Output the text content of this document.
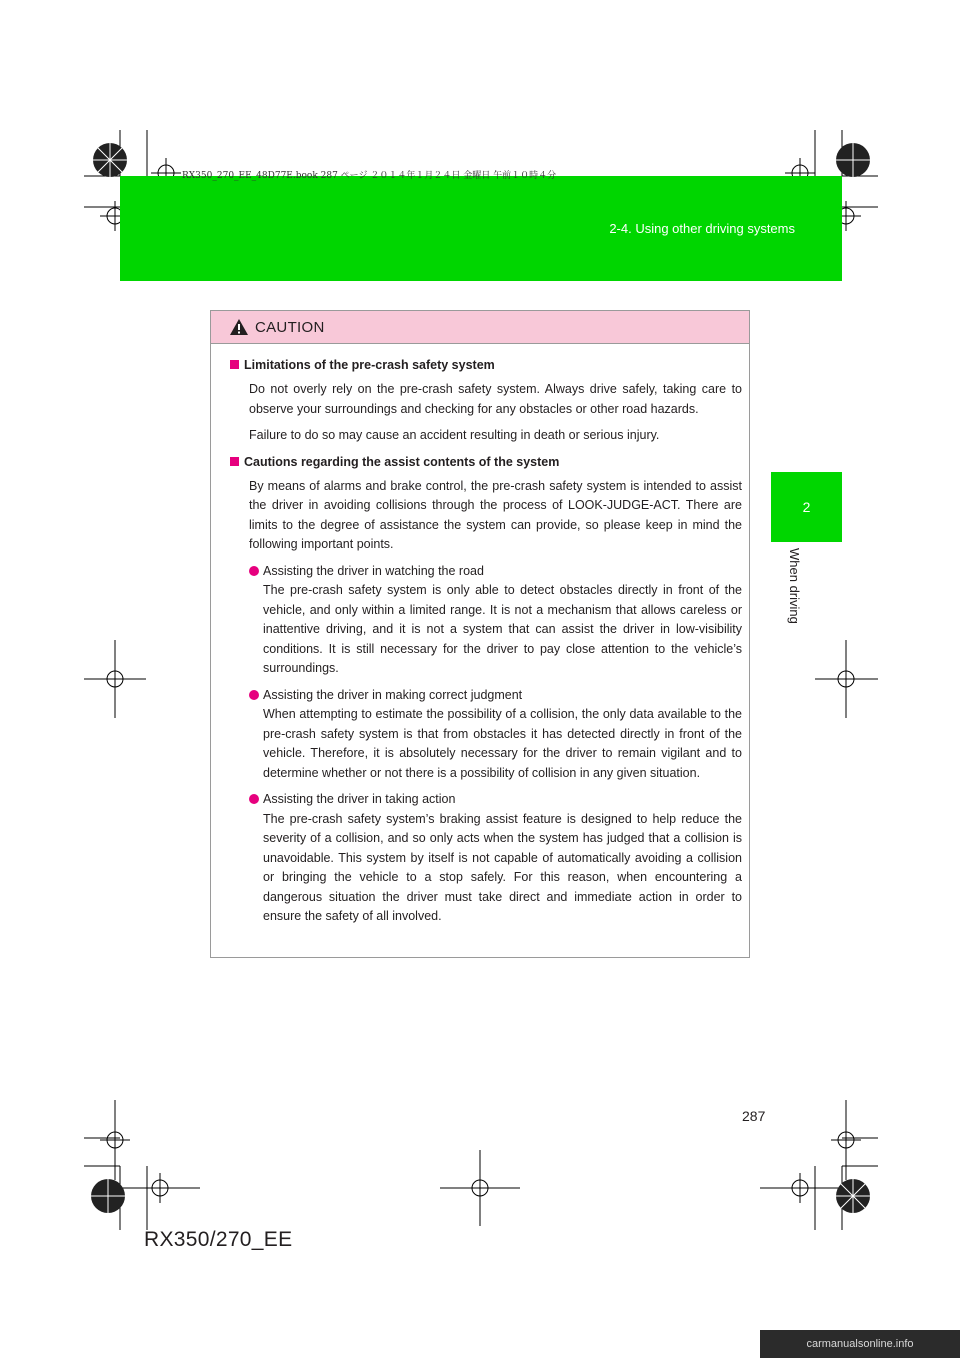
RX350_270_EE_48D77E.book 287 ページ ２０１４年１月２４日 金曜日 午前１０時４分
2-4. Using other driving systems
2
When driving
CAUTION
Limitations of the pre-crash safety system

Do not overly rely on the pre-crash safety system. Always drive safely, taking care to observe your surroundings and checking for any obstacles or other road hazards.

Failure to do so may cause an accident resulting in death or serious injury.

Cautions regarding the assist contents of the system

By means of alarms and brake control, the pre-crash safety system is intended to assist the driver in avoiding collisions through the process of LOOK-JUDGE-ACT. There are limits to the degree of assistance the system can provide, so please keep in mind the following important points.

Assisting the driver in watching the road
The pre-crash safety system is only able to detect obstacles directly in front of the vehicle, and only within a limited range. It is not a mechanism that allows careless or inattentive driving, and it is not a system that can assist the driver in low-visibility conditions. It is still necessary for the driver to pay close attention to the vehicle’s surroundings.
Assisting the driver in making correct judgment
When attempting to estimate the possibility of a collision, the only data available to the pre-crash safety system is that from obstacles it has detected directly in front of the vehicle. Therefore, it is absolutely necessary for the driver to remain vigilant and to determine whether or not there is a possibility of collision in any given situation.
Assisting the driver in taking action
The pre-crash safety system’s braking assist feature is designed to help reduce the severity of a collision, and so only acts when the system has judged that a collision is unavoidable. This system by itself is not capable of automatically avoiding a collision or bringing the vehicle to a stop safely. For this reason, when encountering a dangerous situation the driver must take direct and immediate action in order to ensure the safety of all involved.
287
RX350/270_EE
carmanualsonline.info
